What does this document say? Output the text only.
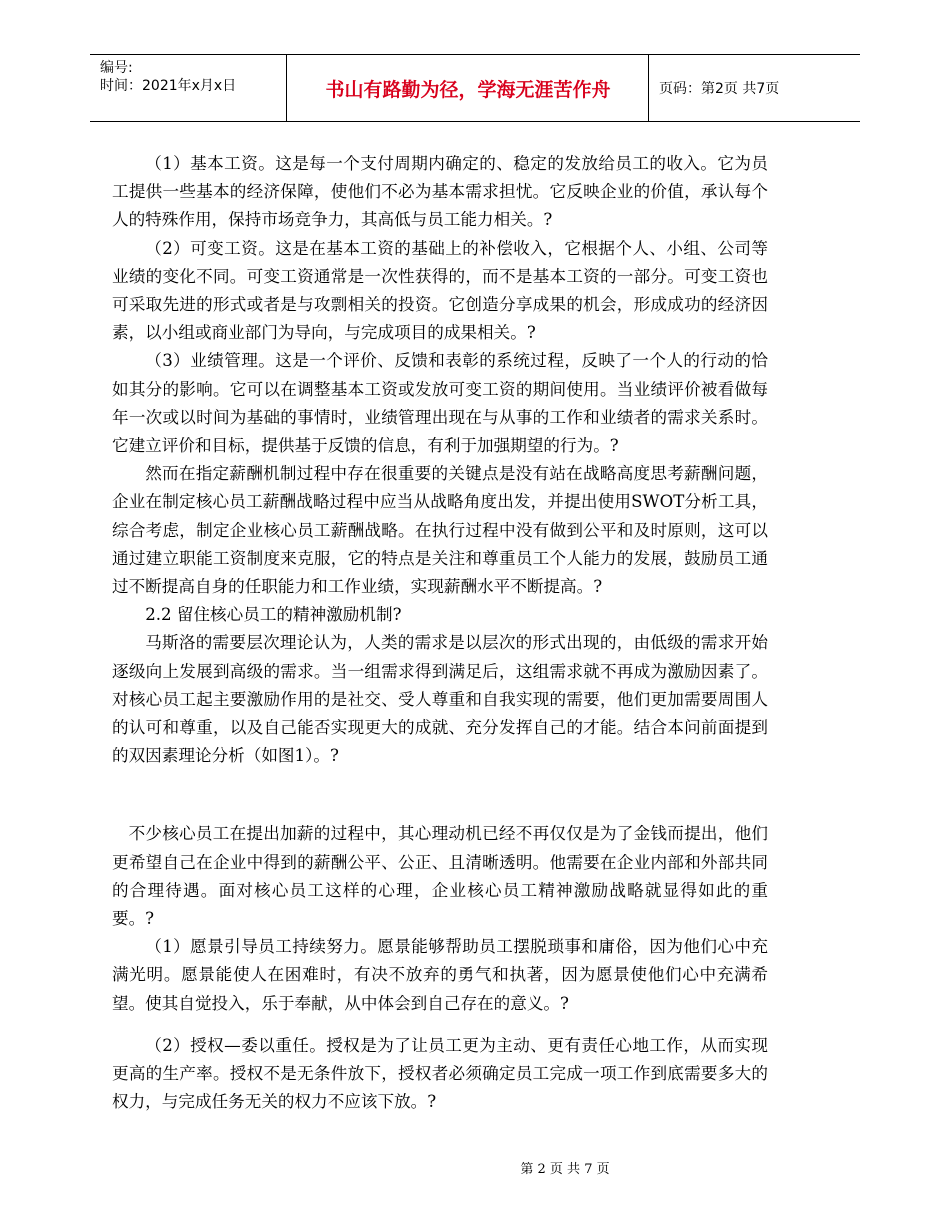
编号:
时间：2021年x月x日	书山有路勤为径，学海无涯苦作舟	页码：第2页 共7页

（1）基本工资。这是每一个支付周期内确定的、稳定的发放给员工的收入。它为员工提供一些基本的经济保障，使他们不必为基本需求担忧。它反映企业的价值，承认每个人的特殊作用，保持市场竞争力，其高低与员工能力相关。?

（2）可变工资。这是在基本工资的基础上的补偿收入，它根据个人、小组、公司等业绩的变化不同。可变工资通常是一次性获得的，而不是基本工资的一部分。可变工资也可采取先进的形式或者是与攻剽相关的投资。它创造分享成果的机会，形成成功的经济因素，以小组或商业部门为导向，与完成项目的成果相关。?

（3）业绩管理。这是一个评价、反馈和表彰的系统过程，反映了一个人的行动的恰如其分的影响。它可以在调整基本工资或发放可变工资的期间使用。当业绩评价被看做每年一次或以时间为基础的事情时，业绩管理出现在与从事的工作和业绩者的需求关系时。它建立评价和目标，提供基于反馈的信息，有利于加强期望的行为。?

然而在指定薪酬机制过程中存在很重要的关键点是没有站在战略高度思考薪酬问题，企业在制定核心员工薪酬战略过程中应当从战略角度出发，并提出使用SWOT分析工具，综合考虑，制定企业核心员工薪酬战略。在执行过程中没有做到公平和及时原则，这可以通过建立职能工资制度来克服，它的特点是关注和尊重员工个人能力的发展，鼓励员工通过不断提高自身的任职能力和工作业绩，实现薪酬水平不断提高。?

2.2 留住核心员工的精神激励机制?

马斯洛的需要层次理论认为，人类的需求是以层次的形式出现的，由低级的需求开始逐级向上发展到高级的需求。当一组需求得到满足后，这组需求就不再成为激励因素了。对核心员工起主要激励作用的是社交、受人尊重和自我实现的需要，他们更加需要周围人的认可和尊重，以及自己能否实现更大的成就、充分发挥自己的才能。结合本问前面提到的双因素理论分析（如图1）。?

不少核心员工在提出加薪的过程中，其心理动机已经不再仅仅是为了金钱而提出，他们更希望自己在企业中得到的薪酬公平、公正、且清晰透明。他需要在企业内部和外部共同的合理待遇。面对核心员工这样的心理，企业核心员工精神激励战略就显得如此的重要。?

（1）愿景引导员工持续努力。愿景能够帮助员工摆脱琐事和庸俗，因为他们心中充满光明。愿景能使人在困难时，有决不放弃的勇气和执著，因为愿景使他们心中充满希望。使其自觉投入，乐于奉献，从中体会到自己存在的意义。?

（2）授权—委以重任。授权是为了让员工更为主动、更有责任心地工作，从而实现更高的生产率。授权不是无条件放下，授权者必须确定员工完成一项工作到底需要多大的权力，与完成任务无关的权力不应该下放。?

第 2 页 共 7 页
